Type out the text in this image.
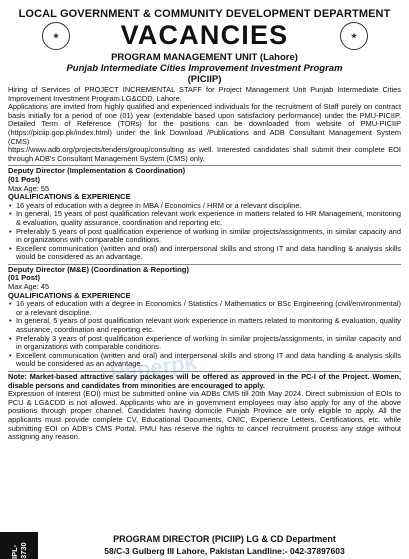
LOCAL GOVERNMENT & COMMUNITY DEVELOPMENT DEPARTMENT
★	VACANCIES	★
PROGRAM MANAGEMENT UNIT (Lahore)
Punjab Intermediate Cities Improvement Investment Program
(PICIIP)

Hiring of Services of PROJECT INCREMENTAL STAFF for Project Management Unit Punjab Intermediate Cities Improvement Investment Program LG&CDD, Lahore.

Applications are invited from highly qualified and experienced individuals for the recruitment of Staff purely on contract basis initially for a period of one (01) year (extendable based upon satisfactory performance) under the PMU-PICIIP. Detailed Term of Reference (TORs) for the positions can be downloaded from website of PMU-PICIIP (https://piciip.gop.pk/index.html) under the link Download /Publications and ADB Consultant Management System (CMS)

https://www.adb.org/projects/tenders/group/consulting as well. Interested candidates shall submit their complete EOI through ADB's Consultant Management System (CMS) only.

Deputy Director (Implementation & Coordination)

(01 Post)

Max Age: 55

QUALIFICATIONS & EXPERIENCE

• 16 years of education with a degree in MBA / Economics / HRM or a relevant discipline.
• In general, 15 years of post qualification relevant work experience in matters related to HR Management, monitoring & evaluation, quality assurance, coordination and reporting etc.
• Preferably 5 years of post qualification experience of working in similar projects/assignments, in similar capacity and in organizations with comparable conditions.
• Excellent communication (written and oral) and interpersonal skills and strong IT and data handling & analysis skills would be considered as an advantage.

Deputy Director (M&E) (Coordination & Reporting)

(01 Post)

Max Age: 45

QUALIFICATIONS & EXPERIENCE

• 16 years of education with a degree in Economics / Statistics / Mathematics or BSc Engineering (civil/environmental) or a relevant discipline.
• In general, 5 years of post qualification relevant work experience in matters related to monitoring & evaluation, quality assurance, coordination and reporting etc.
• Preferably 3 years of post qualification experience of working in similar projects/assignments, in similar capacity and in organizations with comparable conditions.
• Excellent communication (written and oral) and interpersonal skills and strong IT and data handling & analysis skills would be considered as an advantage.

Note: Market-based attractive salary packages will be offered as approved in the PC-I of the Project. Women, disable persons and candidates from minorities are encouraged to apply.

Expression of Interest (EOI) must be submitted online via ADBs CMS till 20th May 2024. Direct submission of EOIs to PCU & LG&CDD is not allowed. Applicants who are in government employees may also apply for any of the above positions through proper channel. Candidates having domicile Punjab Province are only eligible to apply. All the applicants must provide complete CV, Educational Documents, CNIC, Experience Letters, Certifications, etc. while submitting EOI on ADB's CMS Portal. PMU has reserve the rights to cancel recruitment process any stage without assigning any reason.

Paperpk
IPL-3730
PROGRAM DIRECTOR (PICIIP) LG & CD Department
58/C-3 Gulberg III Lahore, Pakistan Landline:- 042-37897603
